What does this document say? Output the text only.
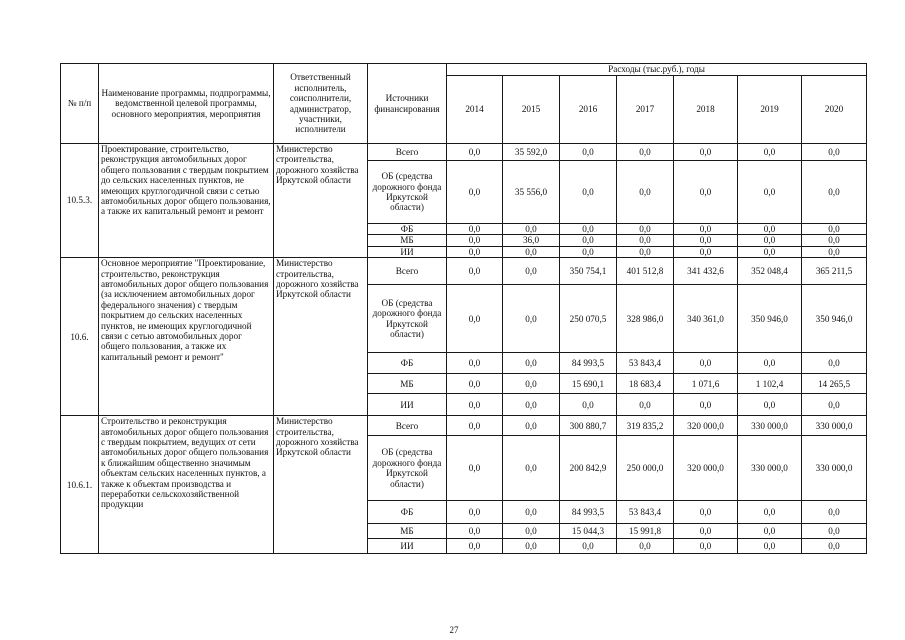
№ п/п	Наименование программы, подпрограммы, ведомственной целевой программы, основного мероприятия, мероприятия	Ответственный исполнитель, соисполнители, администратор, участники, исполнители	Источники финансирования	Расходы (тыс.руб.), годы						
				2014	2015	2016	2017	2018	2019	2020
10.5.3.	Проектирование, строительство, реконструкция автомобильных дорог общего пользования с твердым покрытием до сельских населенных пунктов, не имеющих круглогодичной связи с сетью автомобильных дорог общего пользования, а также их капитальный ремонт и ремонт	Министерство строительства, дорожного хозяйства Иркутской области	Всего	0,0	35 592,0	0,0	0,0	0,0	0,0	0,0
			ОБ (средства дорожного фонда Иркутской области)	0,0	35 556,0	0,0	0,0	0,0	0,0	0,0
			ФБ	0,0	0,0	0,0	0,0	0,0	0,0	0,0
			МБ	0,0	36,0	0,0	0,0	0,0	0,0	0,0
			ИИ	0,0	0,0	0,0	0,0	0,0	0,0	0,0
10.6.	Основное мероприятие "Проектирование, строительство, реконструкция автомобильных дорог общего пользования (за исключением автомобильных дорог федерального значения) с твердым покрытием до сельских населенных пунктов, не имеющих круглогодичной связи с сетью автомобильных дорог общего пользования, а также их капитальный ремонт и ремонт"	Министерство строительства, дорожного хозяйства Иркутской области	Всего	0,0	0,0	350 754,1	401 512,8	341 432,6	352 048,4	365 211,5
			ОБ (средства дорожного фонда Иркутской области)	0,0	0,0	250 070,5	328 986,0	340 361,0	350 946,0	350 946,0
			ФБ	0,0	0,0	84 993,5	53 843,4	0,0	0,0	0,0
			МБ	0,0	0,0	15 690,1	18 683,4	1 071,6	1 102,4	14 265,5
			ИИ	0,0	0,0	0,0	0,0	0,0	0,0	0,0
10.6.1.	Строительство и реконструкция автомобильных дорог общего пользования с твердым покрытием, ведущих от сети автомобильных дорог общего пользования к ближайшим общественно значимым объектам сельских населенных пунктов, а также к объектам производства и переработки сельскохозяйственной продукции	Министерство строительства, дорожного хозяйства Иркутской области	Всего	0,0	0,0	300 880,7	319 835,2	320 000,0	330 000,0	330 000,0
			ОБ (средства дорожного фонда Иркутской области)	0,0	0,0	200 842,9	250 000,0	320 000,0	330 000,0	330 000,0
			ФБ	0,0	0,0	84 993,5	53 843,4	0,0	0,0	0,0
			МБ	0,0	0,0	15 044,3	15 991,8	0,0	0,0	0,0
			ИИ	0,0	0,0	0,0	0,0	0,0	0,0	0,0
27
